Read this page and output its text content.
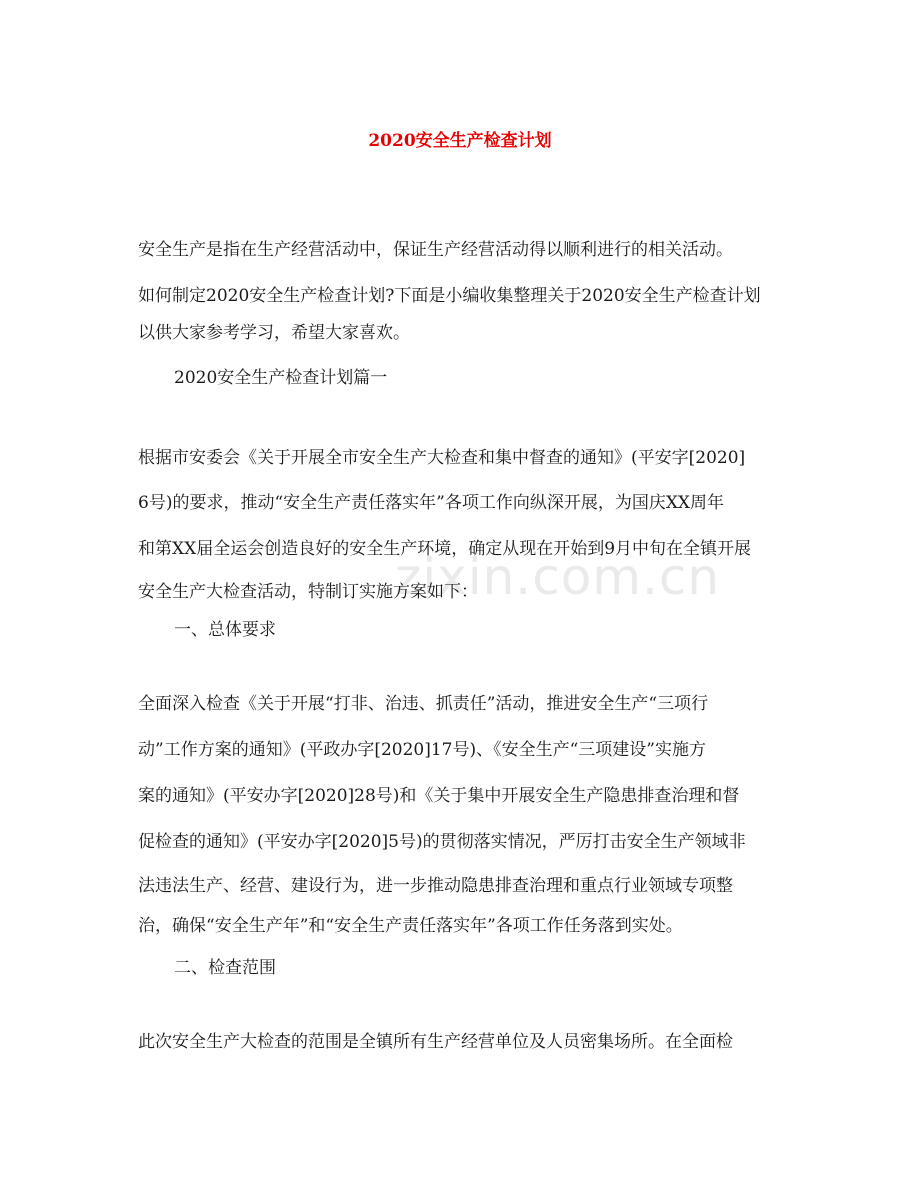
2020安全生产检查计划
zixin.com.cn
安全生产是指在生产经营活动中，保证生产经营活动得以顺利进行的相关活动。
如何制定2020安全生产检查计划?下面是小编收集整理关于2020安全生产检查计划
以供大家参考学习，希望大家喜欢。
2020安全生产检查计划篇一
根据市安委会《关于开展全市安全生产大检查和集中督查的通知》(平安字[2020]
6号)的要求，推动“安全生产责任落实年”各项工作向纵深开展，为国庆XX周年
和第XX届全运会创造良好的安全生产环境，确定从现在开始到9月中旬在全镇开展
安全生产大检查活动，特制订实施方案如下：
一、总体要求
全面深入检查《关于开展“打非、治违、抓责任”活动，推进安全生产“三项行
动”工作方案的通知》(平政办字[2020]17号)、《安全生产“三项建设”实施方
案的通知》(平安办字[2020]28号)和《关于集中开展安全生产隐患排查治理和督
促检查的通知》(平安办字[2020]5号)的贯彻落实情况，严厉打击安全生产领域非
法违法生产、经营、建设行为，进一步推动隐患排查治理和重点行业领域专项整
治，确保“安全生产年”和“安全生产责任落实年”各项工作任务落到实处。
二、检查范围
此次安全生产大检查的范围是全镇所有生产经营单位及人员密集场所。在全面检
